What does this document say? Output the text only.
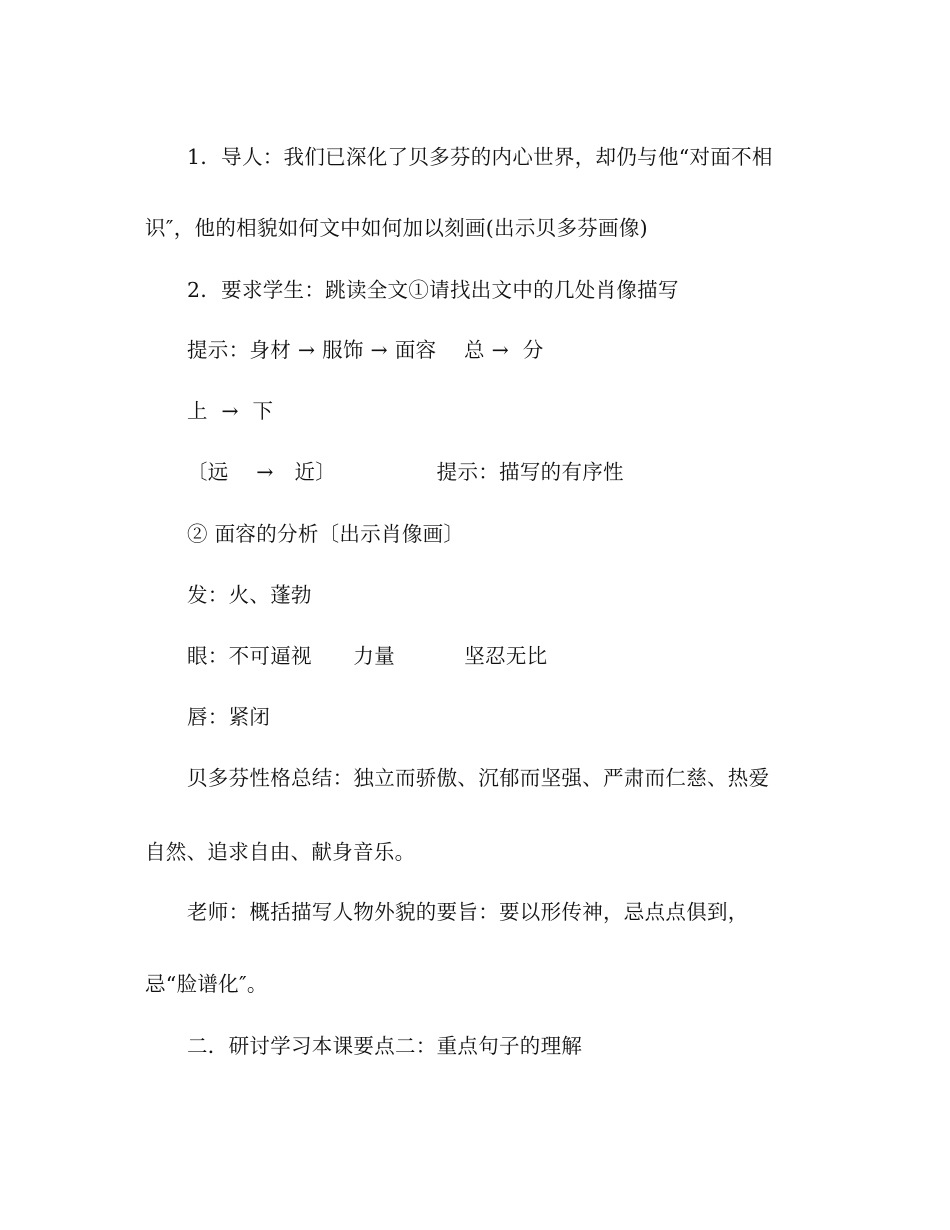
1．导人：我们已深化了贝多芬的内心世界，却仍与他“对面不相
识″，他的相貌如何文中如何加以刻画(出示贝多芬画像)
2．要求学生：跳读全文①请找出文中的几处肖像描写
提示：身材 → 服饰 → 面容　 总 →  分
上  →  下
〔远　 →　近〕　　　　　 提示：描写的有序性
② 面容的分析〔出示肖像画〕
发：火、蓬勃
眼：不可逼视　　力量　　　 坚忍无比
唇：紧闭
贝多芬性格总结：独立而骄傲、沉郁而坚强、严肃而仁慈、热爱
自然、追求自由、献身音乐。
老师：概括描写人物外貌的要旨：要以形传神，忌点点俱到，
忌“脸谱化″。
二．研讨学习本课要点二：重点句子的理解
